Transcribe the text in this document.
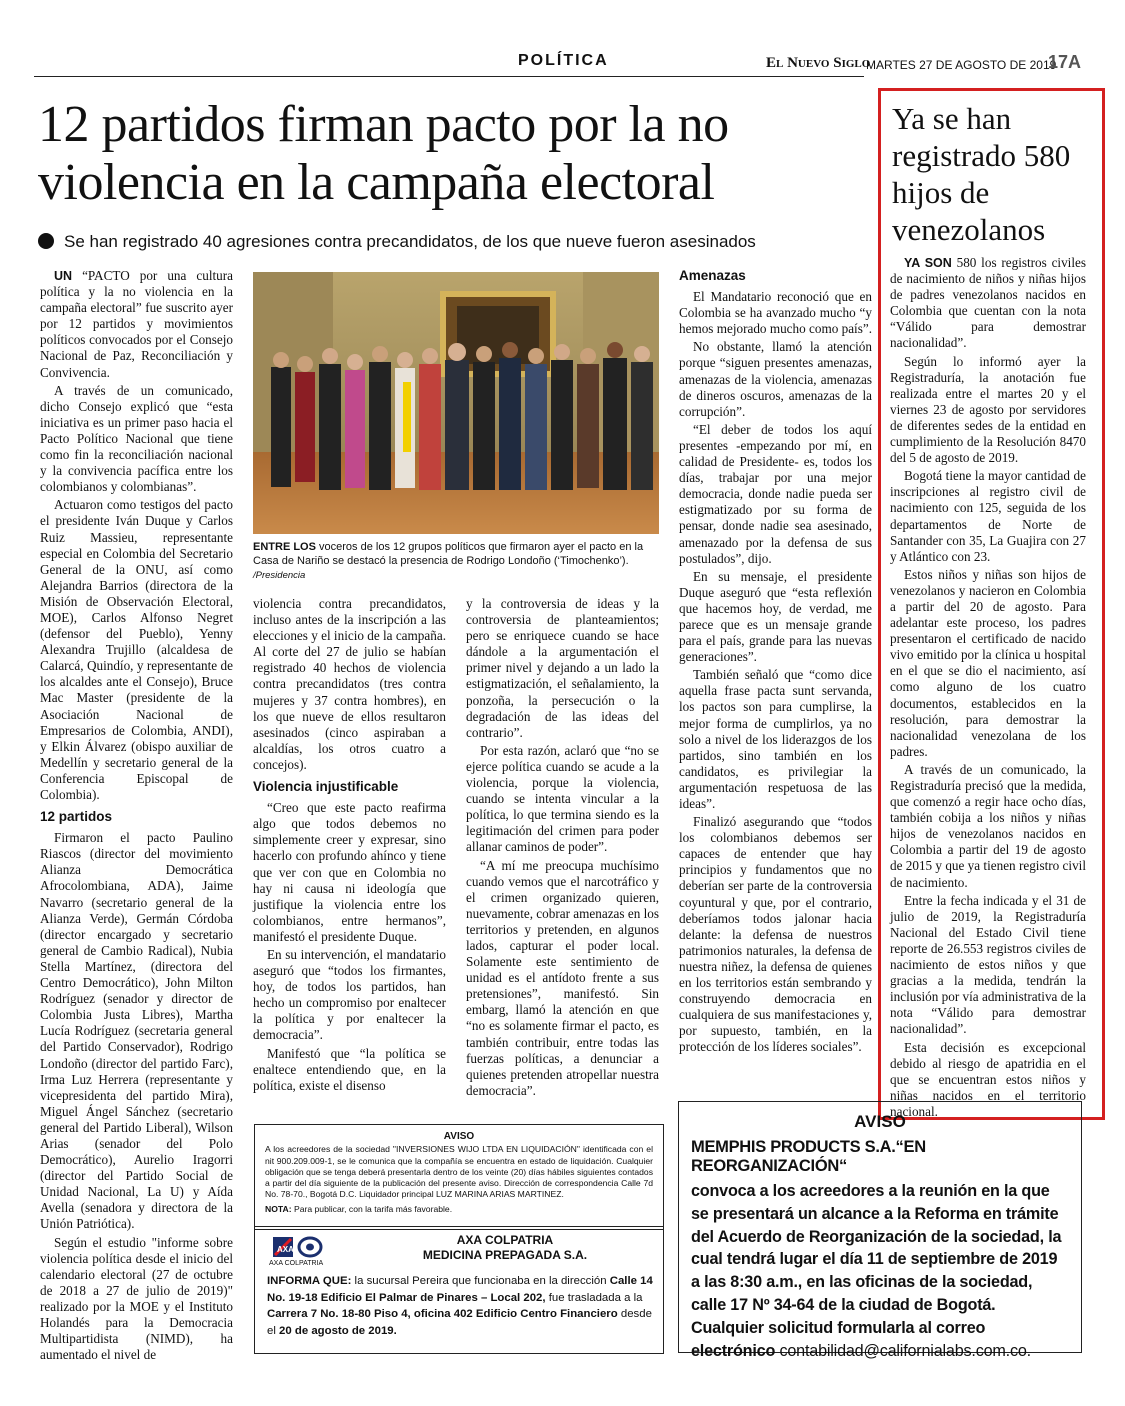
POLÍTICA	El Nuevo Siglo
MARTES 27 DE AGOSTO DE 2019
17A
12 partidos firman pacto por la no violencia en la campaña electoral
Se han registrado 40 agresiones contra precandidatos, de los que nueve fueron asesinados

UN “PACTO por una cultura política y la no violencia en la campaña electoral” fue suscrito ayer por 12 partidos y movimientos políticos convocados por el Consejo Nacional de Paz, Reconciliación y Convivencia.

A través de un comunicado, dicho Consejo explicó que “esta iniciativa es un primer paso hacia el Pacto Político Nacional que tiene como fin la reconciliación nacional y la convivencia pacífica entre los colombianos y colombianas”.

Actuaron como testigos del pacto el presidente Iván Duque y Carlos Ruiz Massieu, representante especial en Colombia del Secretario General de la ONU, así como Alejandra Barrios (directora de la Misión de Observación Electoral, MOE), Carlos Alfonso Negret (defensor del Pueblo), Yenny Alexandra Trujillo (alcaldesa de Calarcá, Quindío, y representante de los alcaldes ante el Consejo), Bruce Mac Master (presidente de la Asociación Nacional de Empresarios de Colombia, ANDI), y Elkin Álvarez (obispo auxiliar de Medellín y secretario general de la Conferencia Episcopal de Colombia).

12 partidos

Firmaron el pacto Paulino Riascos (director del movimiento Alianza Democrática Afrocolombiana, ADA), Jaime Navarro (secretario general de la Alianza Verde), Germán Córdoba (director encargado y secretario general de Cambio Radical), Nubia Stella Martínez, (directora del Centro Democrático), John Milton Rodríguez (senador y director de Colombia Justa Libres), Martha Lucía Rodríguez (secretaria general del Partido Conservador), Rodrigo Londoño (director del partido Farc), Irma Luz Herrera (representante y vicepresidenta del partido Mira), Miguel Ángel Sánchez (secretario general del Partido Liberal), Wilson Arias (senador del Polo Democrático), Aurelio Iragorri (director del Partido Social de Unidad Nacional, La U) y Aída Avella (senadora y directora de la Unión Patriótica).

Según el estudio "informe sobre violencia política desde el inicio del calendario electoral (27 de octubre de 2018 a 27 de julio de 2019)" realizado por la MOE y el Instituto Holandés para la Democracia Multipartidista (NIMD), ha aumentado el nivel de

ENTRE LOS voceros de los 12 grupos políticos que firmaron ayer el pacto en la Casa de Nariño se destacó la presencia de Rodrigo Londoño (‘Timochenko’).
/Presidencia

violencia contra precandidatos, incluso antes de la inscripción a las elecciones y el inicio de la campaña. Al corte del 27 de julio se habían registrado 40 hechos de violencia contra precandidatos (tres contra mujeres y 37 contra hombres), en los que nueve de ellos resultaron asesinados (cinco aspiraban a alcaldías, los otros cuatro a concejos).

Violencia injustificable

“Creo que este pacto reafirma algo que todos debemos no simplemente creer y expresar, sino hacerlo con profundo ahínco y tiene que ver con que en Colombia no hay ni causa ni ideología que justifique la violencia entre los colombianos, entre hermanos”, manifestó el presidente Duque.

En su intervención, el mandatario aseguró que “todos los firmantes, hoy, de todos los partidos, han hecho un compromiso por enaltecer la política y por enaltecer la democracia”.

Manifestó que “la política se enaltece entendiendo que, en la política, existe el disenso

y la controversia de ideas y la controversia de planteamientos; pero se enriquece cuando se hace dándole a la argumentación el primer nivel y dejando a un lado la estigmatización, el señalamiento, la ponzoña, la persecución o la degradación de las ideas del contrario”.

Por esta razón, aclaró que “no se ejerce política cuando se acude a la violencia, porque la violencia, cuando se intenta vincular a la política, lo que termina siendo es la legitimación del crimen para poder allanar caminos de poder”.

“A mí me preocupa muchísimo cuando vemos que el narcotráfico y el crimen organizado quieren, nuevamente, cobrar amenazas en los territorios y pretenden, en algunos lados, capturar el poder local. Solamente este sentimiento de unidad es el antídoto frente a sus pretensiones”, manifestó. Sin embarg, llamó la atención en que “no es solamente firmar el pacto, es también contribuir, entre todas las fuerzas políticas, a denunciar a quienes pretenden atropellar nuestra democracia”.

Amenazas

El Mandatario reconoció que en Colombia se ha avanzado mucho “y hemos mejorado mucho como país”.

No obstante, llamó la atención porque “siguen presentes amenazas, amenazas de la violencia, amenazas de dineros oscuros, amenazas de la corrupción”.

“El deber de todos los aquí presentes -empezando por mí, en calidad de Presidente- es, todos los días, trabajar por una mejor democracia, donde nadie pueda ser estigmatizado por su forma de pensar, donde nadie sea asesinado, amenazado por la defensa de sus postulados”, dijo.

En su mensaje, el presidente Duque aseguró que “esta reflexión que hacemos hoy, de verdad, me parece que es un mensaje grande para el país, grande para las nuevas generaciones”.

También señaló que “como dice aquella frase pacta sunt servanda, los pactos son para cumplirse, la mejor forma de cumplirlos, ya no solo a nivel de los liderazgos de los partidos, sino también en los candidatos, es privilegiar la argumentación respetuosa de las ideas”.

Finalizó asegurando que “todos los colombianos debemos ser capaces de entender que hay principios y fundamentos que no deberían ser parte de la controversia coyuntural y que, por el contrario, deberíamos todos jalonar hacia delante: la defensa de nuestros patrimonios naturales, la defensa de nuestra niñez, la defensa de quienes en los territorios están sembrando y construyendo democracia en cualquiera de sus manifestaciones y, por supuesto, también, en la protección de los líderes sociales”.

Ya se han registrado 580 hijos de venezolanos

YA SON 580 los registros civiles de nacimiento de niños y niñas hijos de padres venezolanos nacidos en Colombia que cuentan con la nota “Válido para demostrar nacionalidad”.

Según lo informó ayer la Registraduría, la anotación fue realizada entre el martes 20 y el viernes 23 de agosto por servidores de diferentes sedes de la entidad en cumplimiento de la Resolución 8470 del 5 de agosto de 2019.

Bogotá tiene la mayor cantidad de inscripciones al registro civil de nacimiento con 125, seguida de los departamentos de Norte de Santander con 35, La Guajira con 27 y Atlántico con 23.

Estos niños y niñas son hijos de venezolanos y nacieron en Colombia a partir del 20 de agosto. Para adelantar este proceso, los padres presentaron el certificado de nacido vivo emitido por la clínica u hospital en el que se dio el nacimiento, así como alguno de los cuatro documentos, establecidos en la resolución, para demostrar la nacionalidad venezolana de los padres.

A través de un comunicado, la Registraduría precisó que la medida, que comenzó a regir hace ocho días, también cobija a los niños y niñas hijos de venezolanos nacidos en Colombia a partir del 19 de agosto de 2015 y que ya tienen registro civil de nacimiento.

Entre la fecha indicada y el 31 de julio de 2019, la Registraduría Nacional del Estado Civil tiene reporte de 26.553 registros civiles de nacimiento de estos niños y que gracias a la medida, tendrán la inclusión por vía administrativa de la nota “Válido para demostrar nacionalidad”.

Esta decisión es excepcional debido al riesgo de apatridia en el que se encuentran estos niños y niñas nacidos en el territorio nacional.

AVISO
A los acreedores de la sociedad "INVERSIONES WIJO LTDA EN LIQUIDACIÓN" identificada con el nit 900.209.009-1, se le comunica que la compañía se encuentra en estado de liquidación. Cualquier obligación que se tenga deberá presentarla dentro de los veinte (20) días hábiles siguientes contados a partir del día siguiente de la publicación del presente aviso. Dirección de correspondencia Calle 7d No. 78-70., Bogotá D.C. Liquidador principal LUZ MARINA ARIAS MARTINEZ.
NOTA: Para publicar, con la tarifa más favorable.
AXA
AXA COLPATRIA
AXA COLPATRIA
MEDICINA PREPAGADA S.A.
INFORMA QUE: la sucursal Pereira que funcionaba en la dirección Calle 14 No. 19-18 Edificio El Palmar de Pinares – Local 202, fue trasladada a la Carrera 7 No. 18-80 Piso 4, oficina 402 Edificio Centro Financiero desde el 20 de agosto de 2019.
AVISO
MEMPHIS PRODUCTS S.A.“EN REORGANIZACIÓN“
convoca a los acreedores a la reunión en la que se presentará un alcance a la Reforma en trámite del Acuerdo de Reorganización de la sociedad, la cual tendrá lugar el día 11 de septiembre de 2019 a las 8:30 a.m., en las oficinas de la sociedad, calle 17 Nº 34-64 de la ciudad de Bogotá. Cualquier solicitud formularla al correo electrónico contabilidad@californialabs.com.co.
